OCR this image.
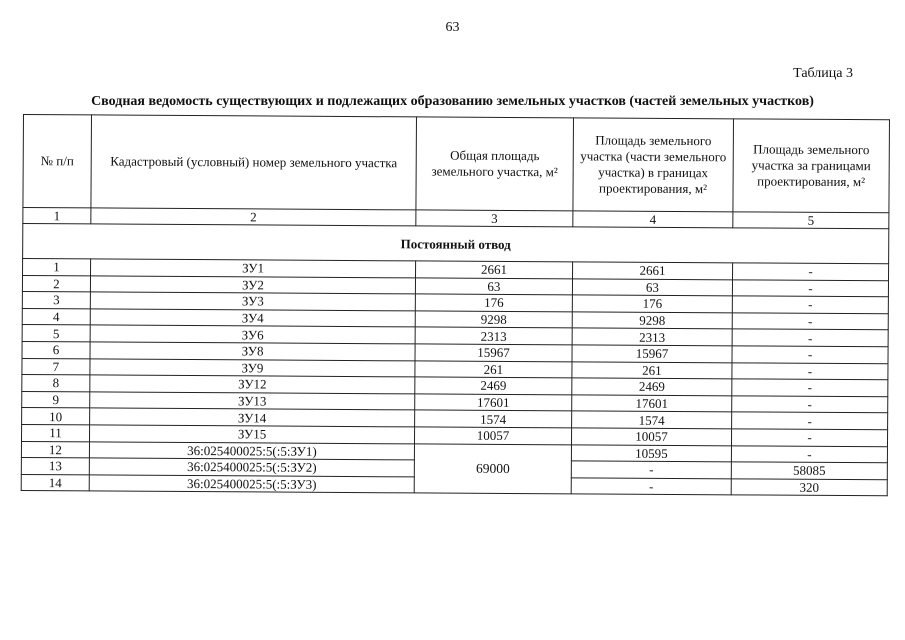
63
Таблица 3
Сводная ведомость существующих и подлежащих образованию земельных участков (частей земельных участков)
№ п/п	Кадастровый (условный) номер земельного участка	Общая площадь земельного участка, м²	Площадь земельного участка (части земельного участка) в границах проектирования, м²	Площадь земельного участка за границами проектирования, м²
1	2	3	4	5
Постоянный отвод				
1	ЗУ1	2661	2661	-
2	ЗУ2	63	63	-
3	ЗУ3	176	176	-
4	ЗУ4	9298	9298	-
5	ЗУ6	2313	2313	-
6	ЗУ8	15967	15967	-
7	ЗУ9	261	261	-
8	ЗУ12	2469	2469	-
9	ЗУ13	17601	17601	-
10	ЗУ14	1574	1574	-
11	ЗУ15	10057	10057	-
12	36:025400025:5(:5:ЗУ1)	69000	10595	-
13	36:025400025:5(:5:ЗУ2)		-	58085
14	36:025400025:5(:5:ЗУ3)		-	320
